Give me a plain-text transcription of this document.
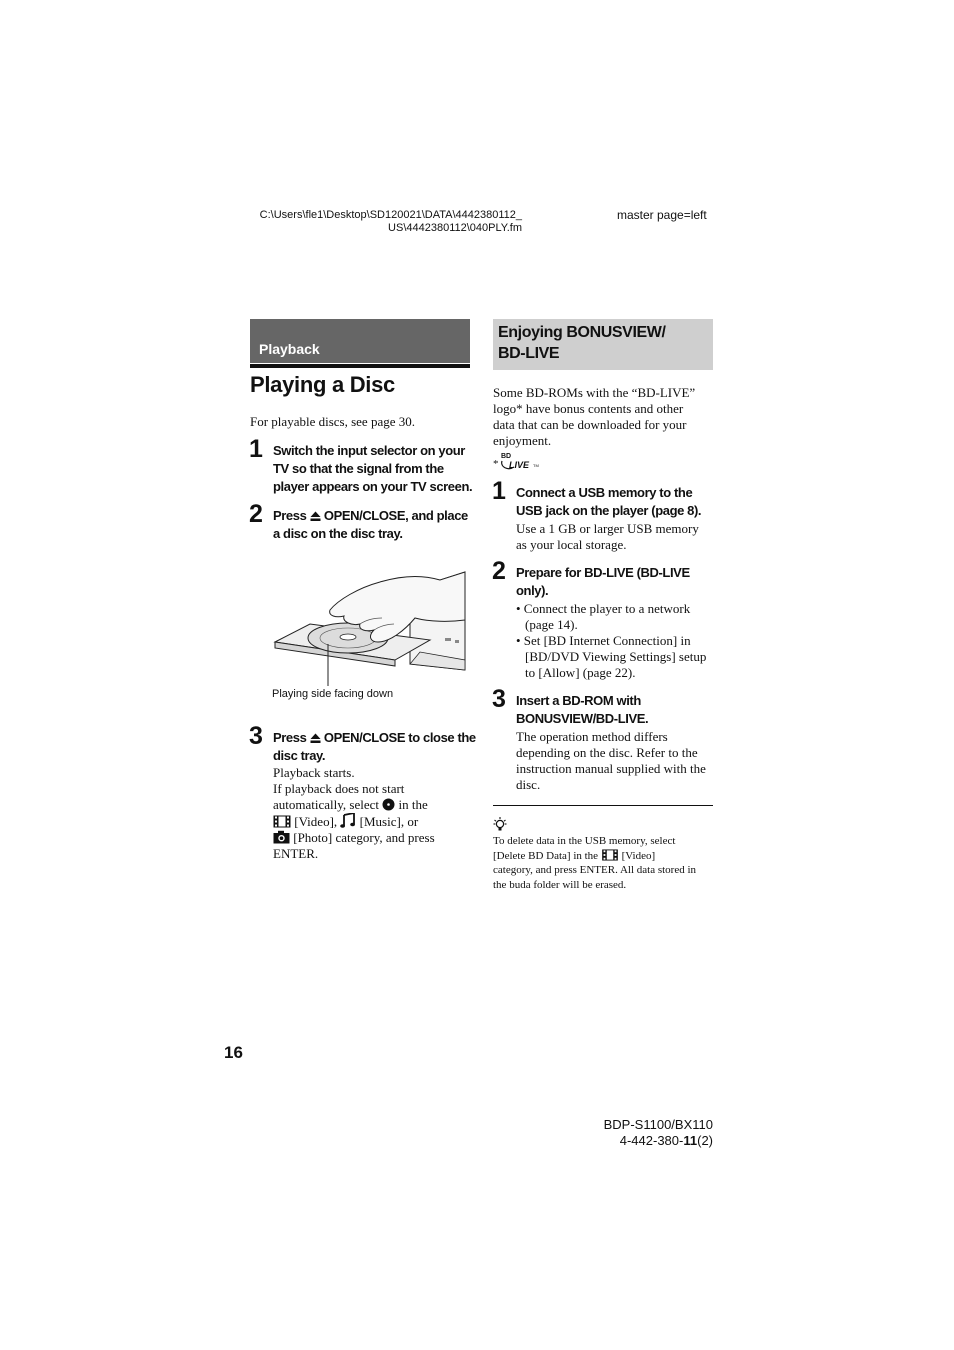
C:\Users\fle1\Desktop\SD120021\DATA\4442380112_
US\4442380112\040PLY.fm
master page=left
Playback
Playing a Disc
For playable discs, see page 30.
1 Switch the input selector on your
TV so that the signal from the
player appears on your TV screen.
2 Press OPEN/CLOSE, and place
a disc on the disc tray.
Playing side facing down
3 Press OPEN/CLOSE to close the
disc tray.
Playback starts.
If playback does not start
automatically, select in the
[Video], [Music], or
[Photo] category, and press
ENTER.
Enjoying BONUSVIEW/
BD-LIVE
Some BD-ROMs with the “BD-LIVE”
logo* have bonus contents and other
data that can be downloaded for your
enjoyment.
*
BD
LIVE TM
1 Connect a USB memory to the
USB jack on the player (page 8).
Use a 1 GB or larger USB memory
as your local storage.
2 Prepare for BD-LIVE (BD-LIVE
only).
• Connect the player to a network
(page 14).
• Set [BD Internet Connection] in
[BD/DVD Viewing Settings] setup
to [Allow] (page 22).
3 Insert a BD-ROM with
BONUSVIEW/BD-LIVE.
The operation method differs
depending on the disc. Refer to the
instruction manual supplied with the
disc.
To delete data in the USB memory, select
[Delete BD Data] in the [Video]
category, and press ENTER. All data stored in
the buda folder will be erased.
16
BDP-S1100/BX110
4-442-380-11(2)
